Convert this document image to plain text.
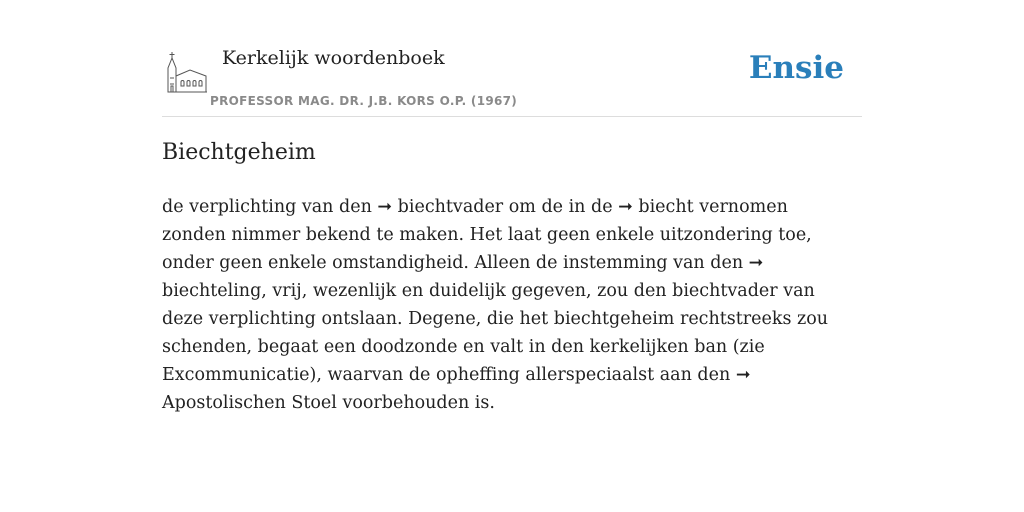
Kerkelijk woordenboek
PROFESSOR MAG. DR. J.B. KORS O.P. (1967)
Ensie
Biechtgeheim

de verplichting van den ➞ biechtvader om de in de ➞ biecht vernomen zonden nimmer bekend te maken. Het laat geen enkele uitzondering toe, onder geen enkele omstandigheid. Alleen de instemming van den ➞ biechteling, vrij, wezenlijk en duidelijk gegeven, zou den biechtvader van deze verplichting ontslaan. Degene, die het biechtgeheim rechtstreeks zou schenden, begaat een doodzonde en valt in den kerkelijken ban (zie Excommunicatie), waarvan de opheffing allerspeciaalst aan den ➞ Apostolischen Stoel voorbehouden is.
